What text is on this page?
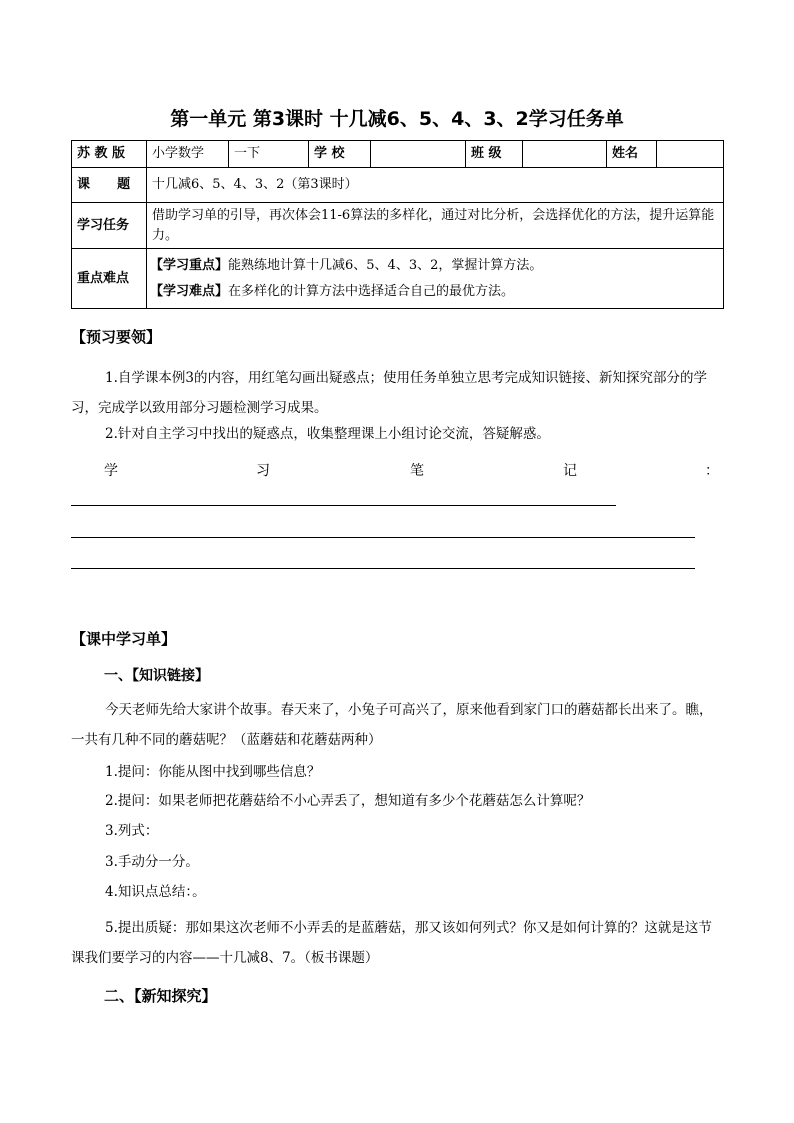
第一单元 第3课时 十几减6、5、4、3、2学习任务单
苏 教 版	小学数学	一下	学 校		班 级		姓名	
课      题	十几减6、5、4、3、2（第3课时）							
学习任务	借助学习单的引导，再次体会11-6算法的多样化，通过对比分析，会选择优化的方法，提升运算能力。							
重点难点	【学习重点】能熟练地计算十几减6、5、4、3、2，掌握计算方法。
【学习难点】在多样化的计算方法中选择适合自己的最优方法。							
【预习要领】
1.自学课本例3的内容，用红笔勾画出疑惑点；使用任务单独立思考完成知识链接、新知探究部分的学习，完成学以致用部分习题检测学习成果。
2.针对自主学习中找出的疑惑点，收集整理课上小组讨论交流，答疑解惑。
学	习	笔	记	：
【课中学习单】
一、【知识链接】
今天老师先给大家讲个故事。春天来了，小兔子可高兴了，原来他看到家门口的蘑菇都长出来了。瞧，一共有几种不同的蘑菇呢？（蓝蘑菇和花蘑菇两种）
1.提问：你能从图中找到哪些信息？
2.提问：如果老师把花蘑菇给不小心弄丢了，想知道有多少个花蘑菇怎么计算呢？
3.列式：
3.手动分一分。
4.知识点总结：。
5.提出质疑：那如果这次老师不小弄丢的是蓝蘑菇，那又该如何列式？你又是如何计算的？这就是这节课我们要学习的内容——十几减8、7。（板书课题）
二、【新知探究】
